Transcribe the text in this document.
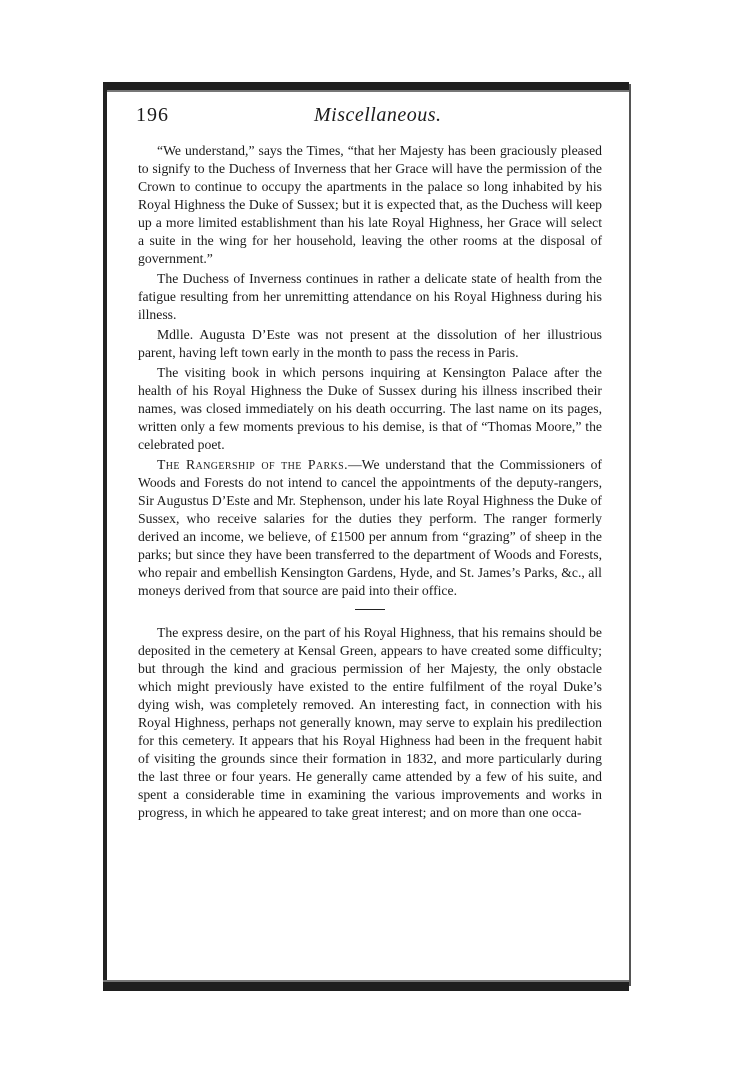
196	Miscellaneous.

“We understand,” says the Times, “that her Majesty has been graciously pleased to signify to the Duchess of Inverness that her Grace will have the permission of the Crown to continue to occupy the apartments in the palace so long inhabited by his Royal Highness the Duke of Sussex; but it is expected that, as the Duchess will keep up a more limited establishment than his late Royal Highness, her Grace will select a suite in the wing for her household, leaving the other rooms at the disposal of government.”

The Duchess of Inverness continues in rather a delicate state of health from the fatigue resulting from her unremitting attendance on his Royal Highness during his illness.

Mdlle. Augusta D’Este was not present at the dissolution of her illustrious parent, having left town early in the month to pass the recess in Paris.

The visiting book in which persons inquiring at Kensington Palace after the health of his Royal Highness the Duke of Sussex during his illness inscribed their names, was closed immediately on his death occurring. The last name on its pages, written only a few moments previous to his demise, is that of “Thomas Moore,” the celebrated poet.

The Rangership of the Parks.—We understand that the Commissioners of Woods and Forests do not intend to cancel the appointments of the deputy-rangers, Sir Augustus D’Este and Mr. Stephenson, under his late Royal Highness the Duke of Sussex, who receive salaries for the duties they perform. The ranger formerly derived an income, we believe, of £1500 per annum from “grazing” of sheep in the parks; but since they have been transferred to the department of Woods and Forests, who repair and embellish Kensington Gardens, Hyde, and St. James’s Parks, &c., all moneys derived from that source are paid into their office.

The express desire, on the part of his Royal Highness, that his remains should be deposited in the cemetery at Kensal Green, appears to have created some difficulty; but through the kind and gracious permission of her Majesty, the only obstacle which might previously have existed to the entire fulfilment of the royal Duke’s dying wish, was completely removed. An interesting fact, in connection with his Royal Highness, perhaps not generally known, may serve to explain his predilection for this cemetery. It appears that his Royal Highness had been in the frequent habit of visiting the grounds since their formation in 1832, and more particularly during the last three or four years. He generally came attended by a few of his suite, and spent a considerable time in examining the various improvements and works in progress, in which he appeared to take great interest; and on more than one occa-
